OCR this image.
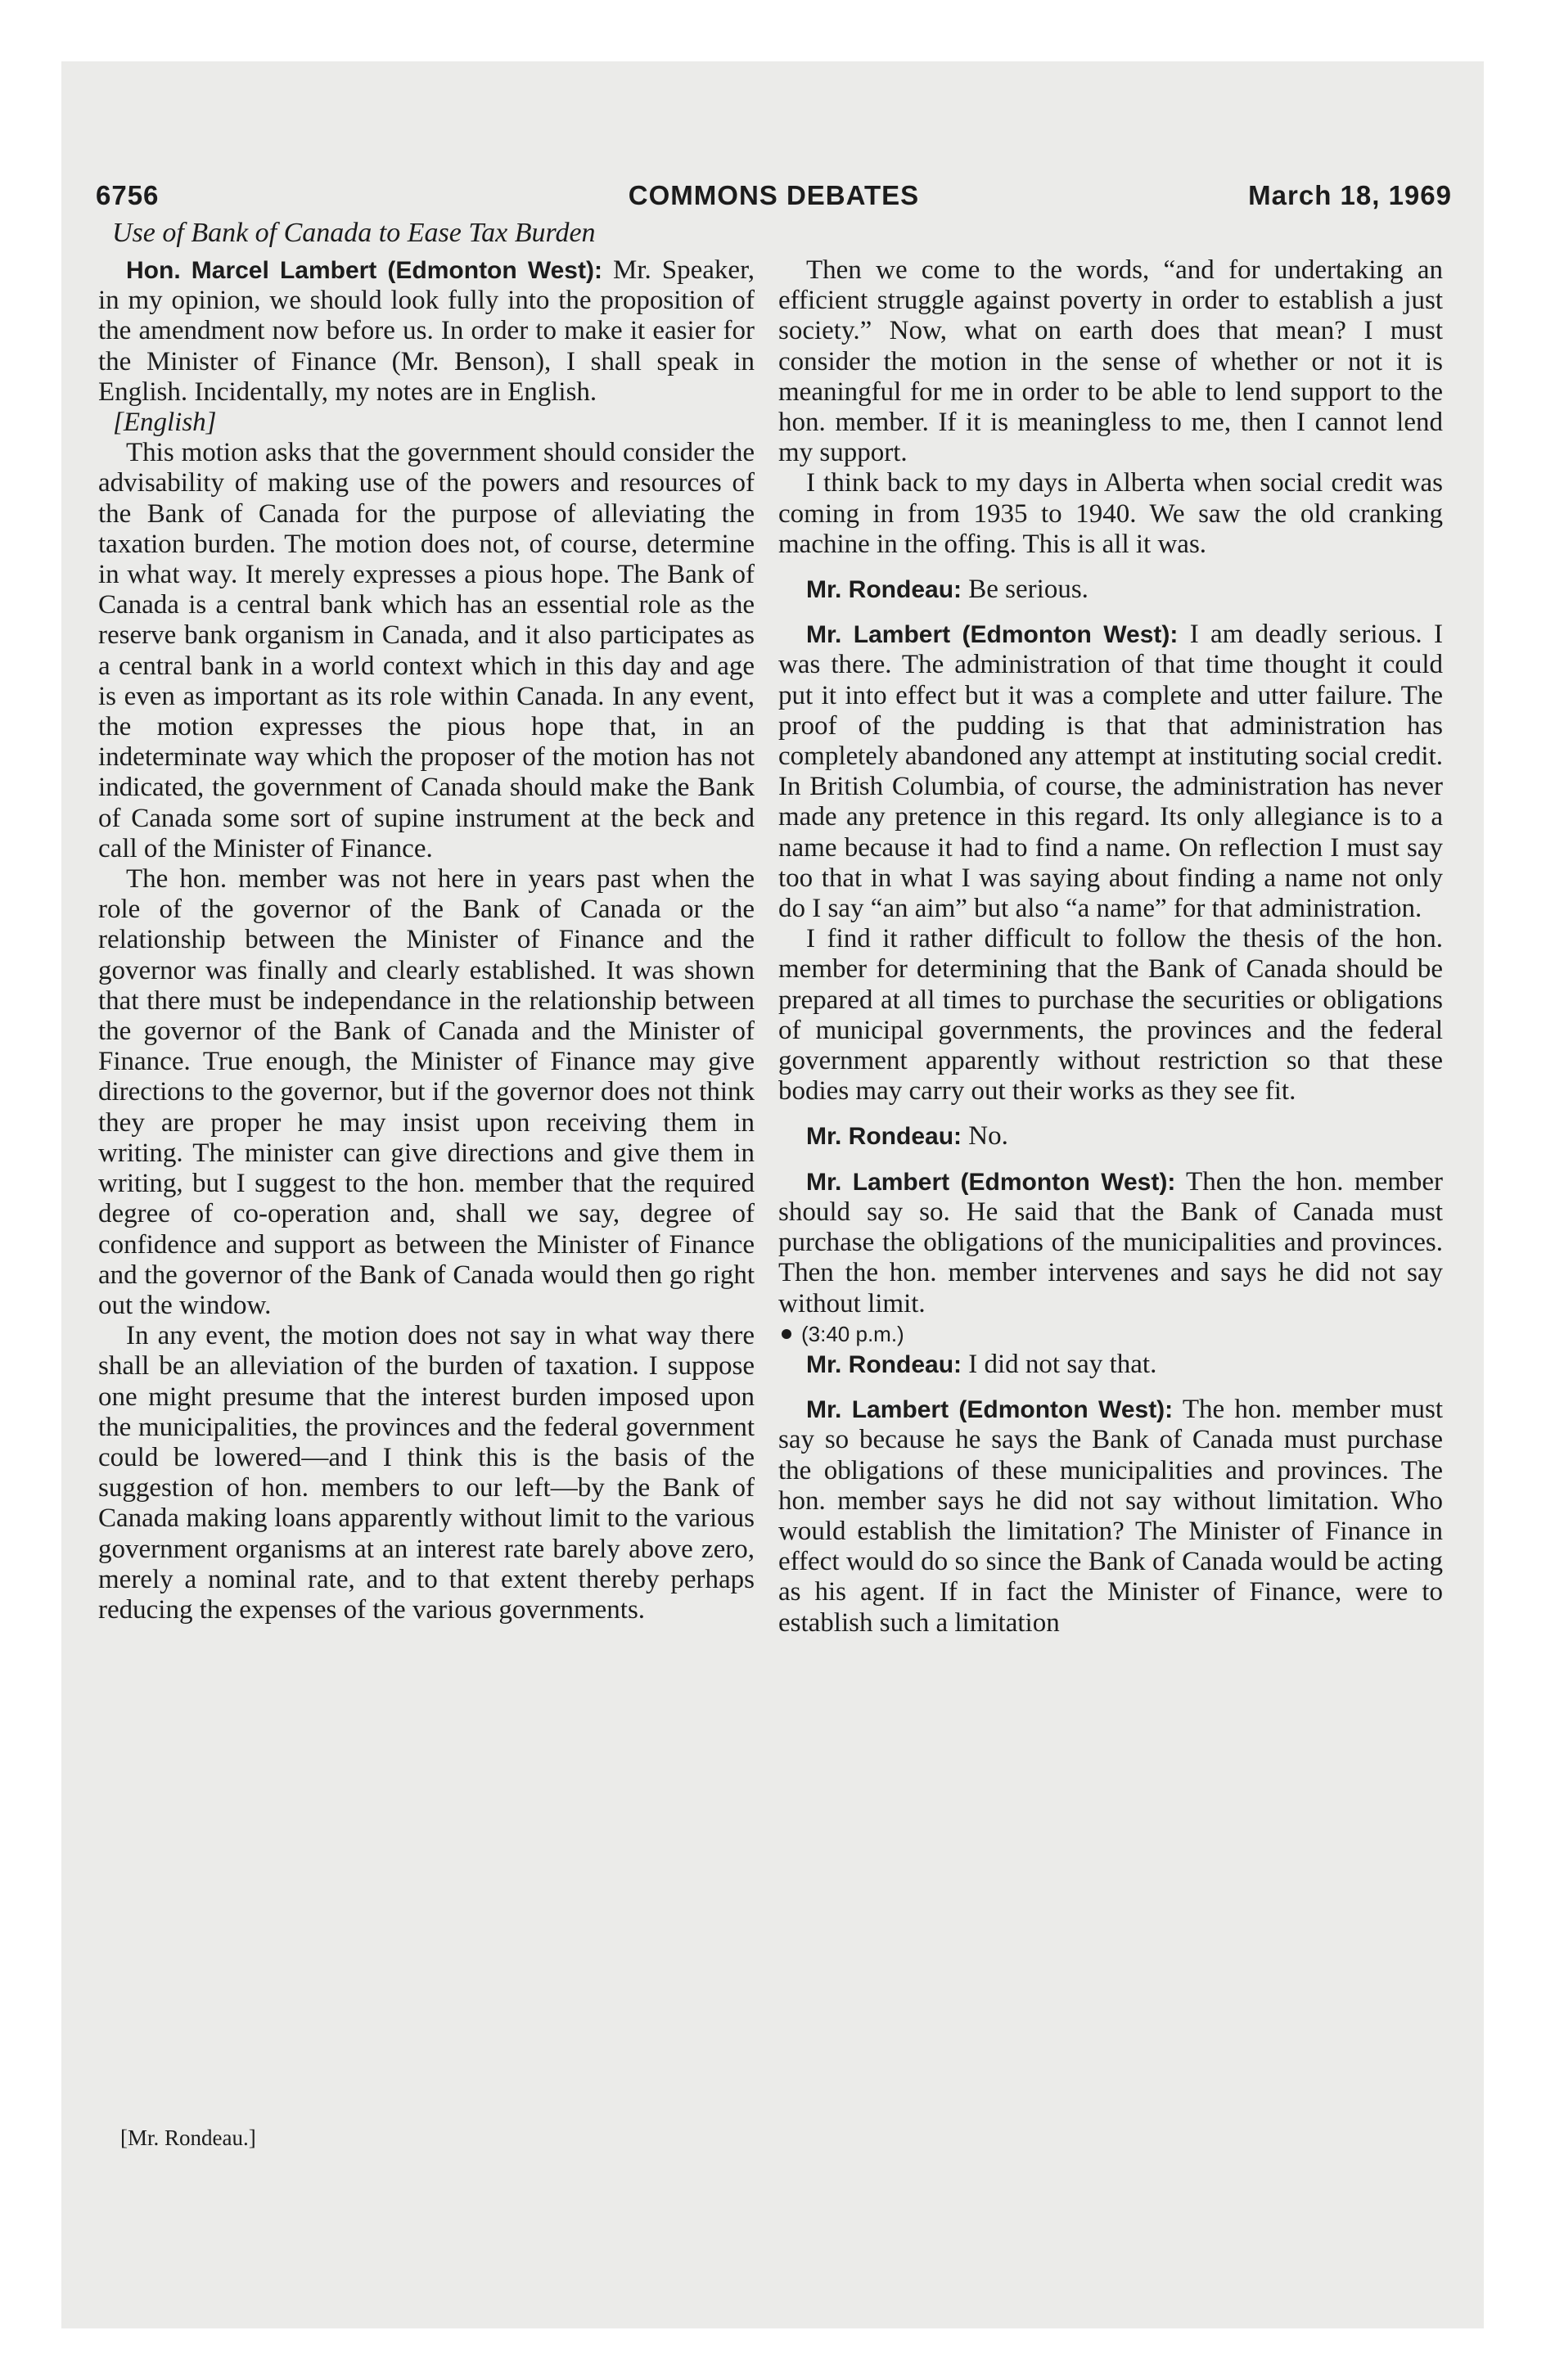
6756	COMMONS DEBATES	March 18, 1969
Use of Bank of Canada to Ease Tax Burden

Hon. Marcel Lambert (Edmonton West): Mr. Speaker, in my opinion, we should look fully into the proposition of the amendment now before us. In order to make it easier for the Minister of Finance (Mr. Benson), I shall speak in English. Incidentally, my notes are in English.

[English]

This motion asks that the government should consider the advisability of making use of the powers and resources of the Bank of Canada for the purpose of alleviating the taxation burden. The motion does not, of course, determine in what way. It merely expresses a pious hope. The Bank of Canada is a central bank which has an essential role as the reserve bank organism in Canada, and it also participates as a central bank in a world context which in this day and age is even as important as its role within Canada. In any event, the motion expresses the pious hope that, in an indeterminate way which the proposer of the motion has not indicated, the government of Canada should make the Bank of Canada some sort of supine instrument at the beck and call of the Minister of Finance.

The hon. member was not here in years past when the role of the governor of the Bank of Canada or the relationship between the Minister of Finance and the governor was finally and clearly established. It was shown that there must be independance in the relationship between the governor of the Bank of Canada and the Minister of Finance. True enough, the Minister of Finance may give directions to the governor, but if the governor does not think they are proper he may insist upon receiving them in writing. The minister can give directions and give them in writing, but I suggest to the hon. member that the required degree of co-operation and, shall we say, degree of confidence and support as between the Minister of Finance and the governor of the Bank of Canada would then go right out the window.

In any event, the motion does not say in what way there shall be an alleviation of the burden of taxation. I suppose one might presume that the interest burden imposed upon the municipalities, the provinces and the federal government could be lowered—and I think this is the basis of the suggestion of hon. members to our left—by the Bank of Canada making loans apparently without limit to the various government organisms at an interest rate barely above zero, merely a nominal rate, and to that extent thereby perhaps reducing the expenses of the various governments.

[Mr. Rondeau.]

Then we come to the words, “and for undertaking an efficient struggle against poverty in order to establish a just society.” Now, what on earth does that mean? I must consider the motion in the sense of whether or not it is meaningful for me in order to be able to lend support to the hon. member. If it is meaningless to me, then I cannot lend my support.

I think back to my days in Alberta when social credit was coming in from 1935 to 1940. We saw the old cranking machine in the offing. This is all it was.

Mr. Rondeau: Be serious.

Mr. Lambert (Edmonton West): I am deadly serious. I was there. The administration of that time thought it could put it into effect but it was a complete and utter failure. The proof of the pudding is that that administration has completely abandoned any attempt at instituting social credit. In British Columbia, of course, the administration has never made any pretence in this regard. Its only allegiance is to a name because it had to find a name. On reflection I must say too that in what I was saying about finding a name not only do I say “an aim” but also “a name” for that administration.

I find it rather difficult to follow the thesis of the hon. member for determining that the Bank of Canada should be prepared at all times to purchase the securities or obligations of municipal governments, the provinces and the federal government apparently without restriction so that these bodies may carry out their works as they see fit.

Mr. Rondeau: No.

Mr. Lambert (Edmonton West): Then the hon. member should say so. He said that the Bank of Canada must purchase the obligations of the municipalities and provinces. Then the hon. member intervenes and says he did not say without limit.

(3:40 p.m.)

Mr. Rondeau: I did not say that.

Mr. Lambert (Edmonton West): The hon. member must say so because he says the Bank of Canada must purchase the obligations of these municipalities and provinces. The hon. member says he did not say without limitation. Who would establish the limitation? The Minister of Finance in effect would do so since the Bank of Canada would be acting as his agent. If in fact the Minister of Finance, were to establish such a limitation
